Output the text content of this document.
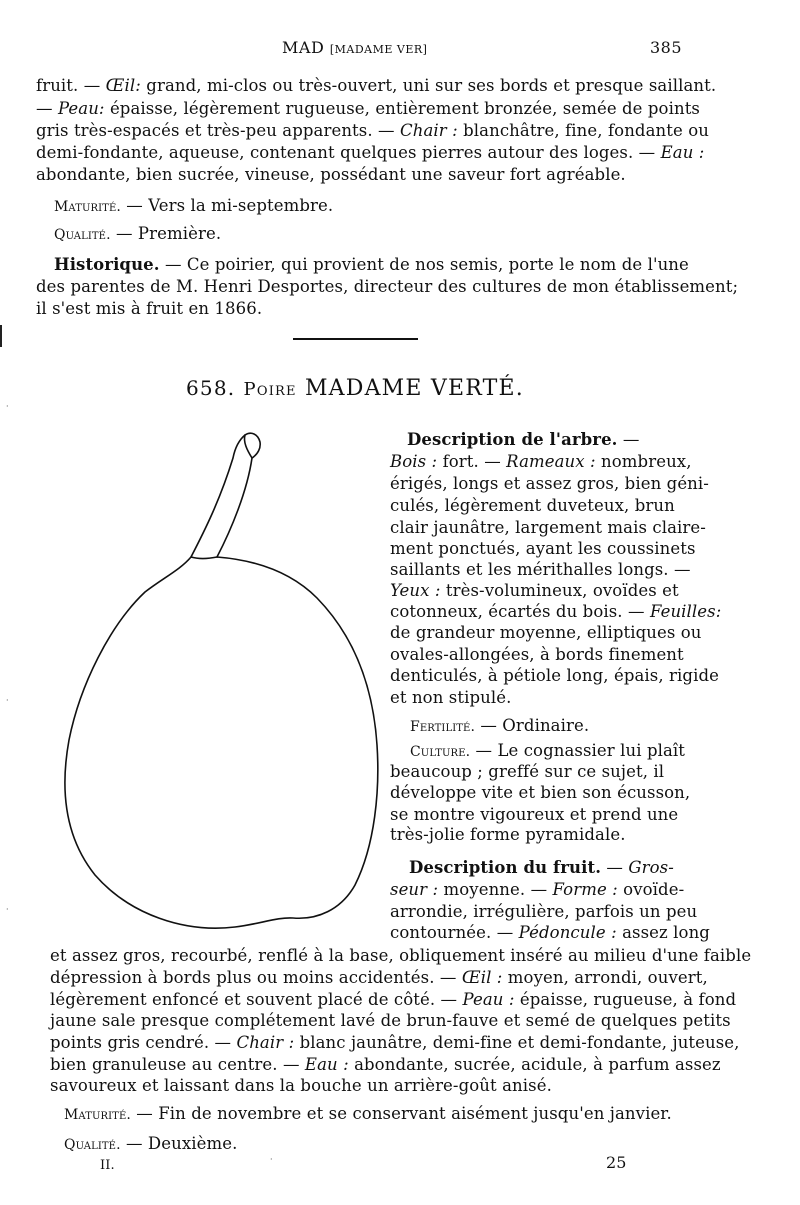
MAD [MADAME VER]	385
fruit. — Œil: grand, mi-clos ou très-ouvert, uni sur ses bords et presque saillant.
— Peau: épaisse, légèrement rugueuse, entièrement bronzée, semée de points
gris très-espacés et très-peu apparents. — Chair : blanchâtre, fine, fondante ou
demi-fondante, aqueuse, contenant quelques pierres autour des loges. — Eau :
abondante, bien sucrée, vineuse, possédant une saveur fort agréable.
Maturité. — Vers la mi-septembre.
Qualité. — Première.
Historique. — Ce poirier, qui provient de nos semis, porte le nom de l'une
des parentes de M. Henri Desportes, directeur des cultures de mon établissement;
il s'est mis à fruit en 1866.
658. Poire MADAME VERTÉ.
Description de l'arbre. —
Bois : fort. — Rameaux : nombreux,
érigés, longs et assez gros, bien géni-
culés, légèrement duveteux, brun
clair jaunâtre, largement mais claire-
ment ponctués, ayant les coussinets
saillants et les mérithalles longs. —
Yeux : très-volumineux, ovoïdes et
cotonneux, écartés du bois. — Feuilles:
de grandeur moyenne, elliptiques ou
ovales-allongées, à bords finement
denticulés, à pétiole long, épais, rigide
et non stipulé.
Fertilité. — Ordinaire.
Culture. — Le cognassier lui plaît
beaucoup ; greffé sur ce sujet, il
développe vite et bien son écusson,
se montre vigoureux et prend une
très-jolie forme pyramidale.
Description du fruit. — Gros-
seur : moyenne. — Forme : ovoïde-
arrondie, irrégulière, parfois un peu
contournée. — Pédoncule : assez long
et assez gros, recourbé, renflé à la base, obliquement inséré au milieu d'une faible
dépression à bords plus ou moins accidentés. — Œil : moyen, arrondi, ouvert,
légèrement enfoncé et souvent placé de côté. — Peau : épaisse, rugueuse, à fond
jaune sale presque complétement lavé de brun-fauve et semé de quelques petits
points gris cendré. — Chair : blanc jaunâtre, demi-fine et demi-fondante, juteuse,
bien granuleuse au centre. — Eau : abondante, sucrée, acidule, à parfum assez
savoureux et laissant dans la bouche un arrière-goût anisé.
Maturité. — Fin de novembre et se conservant aisément jusqu'en janvier.
Qualité. — Deuxième.
II.	25
·
·
·
·
